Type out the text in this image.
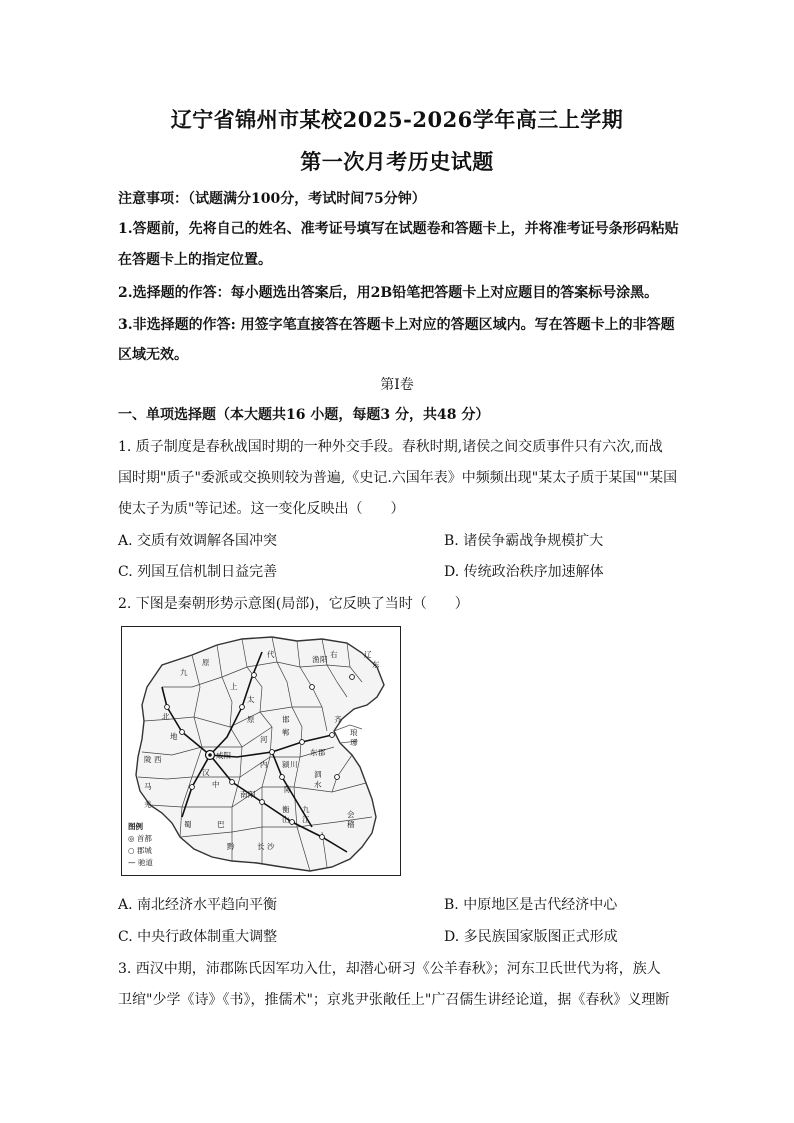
辽宁省锦州市某校2025-2026学年高三上学期
第一次月考历史试题
注意事项：（试题满分100分，考试时间75分钟）
1.答题前，先将自己的姓名、准考证号填写在试题卷和答题卡上，并将准考证号条形码粘贴
在答题卡上的指定位置。
2.选择题的作答：每小题选出答案后，用2B铅笔把答题卡上对应题目的答案标号涂黑。
3.非选择题的作答: 用签字笔直接答在答题卡上对应的答题区域内。写在答题卡上的非答题
区域无效。
第Ⅰ卷
一、单项选择题（本大题共16 小题，每题3 分，共48 分）
1. 质子制度是春秋战国时期的一种外交手段。春秋时期,诸侯之间交质事件只有六次,而战
国时期"质子"委派或交换则较为普遍,《史记.六国年表》中频频出现"某太子质于某国""某国
使太子为质"等记述。这一变化反映出（　　）
A. 交质有效调解各国冲突	B. 诸侯争霸战争规模扩大
C. 列国互信机制日益完善	D. 传统政治秩序加速解体
2. 下图是秦朝形势示意图(局部)，它反映了当时（　　）
咸阳
九
原
北
地
陇 西
蜀	巴
汉
中
代
上
太
原	邯
郸
河
内 颍 川
南 阳
东 郡
陈
泗
水
九
江
会
稽
衡
山
黔	长 沙
齐
琅
琊
辽
东
右
渔 阳
羌
马
图例
◎ 首都
○ 郡城
— 驰道
A. 南北经济水平趋向平衡	B. 中原地区是古代经济中心
C. 中央行政体制重大调整	D. 多民族国家版图正式形成
3. 西汉中期，沛郡陈氏因军功入仕，却潜心研习《公羊春秋》；河东卫氏世代为将，族人
卫绾"少学《诗》《书》，推儒术"；京兆尹张敞任上"广召儒生讲经论道，据《春秋》义理断
